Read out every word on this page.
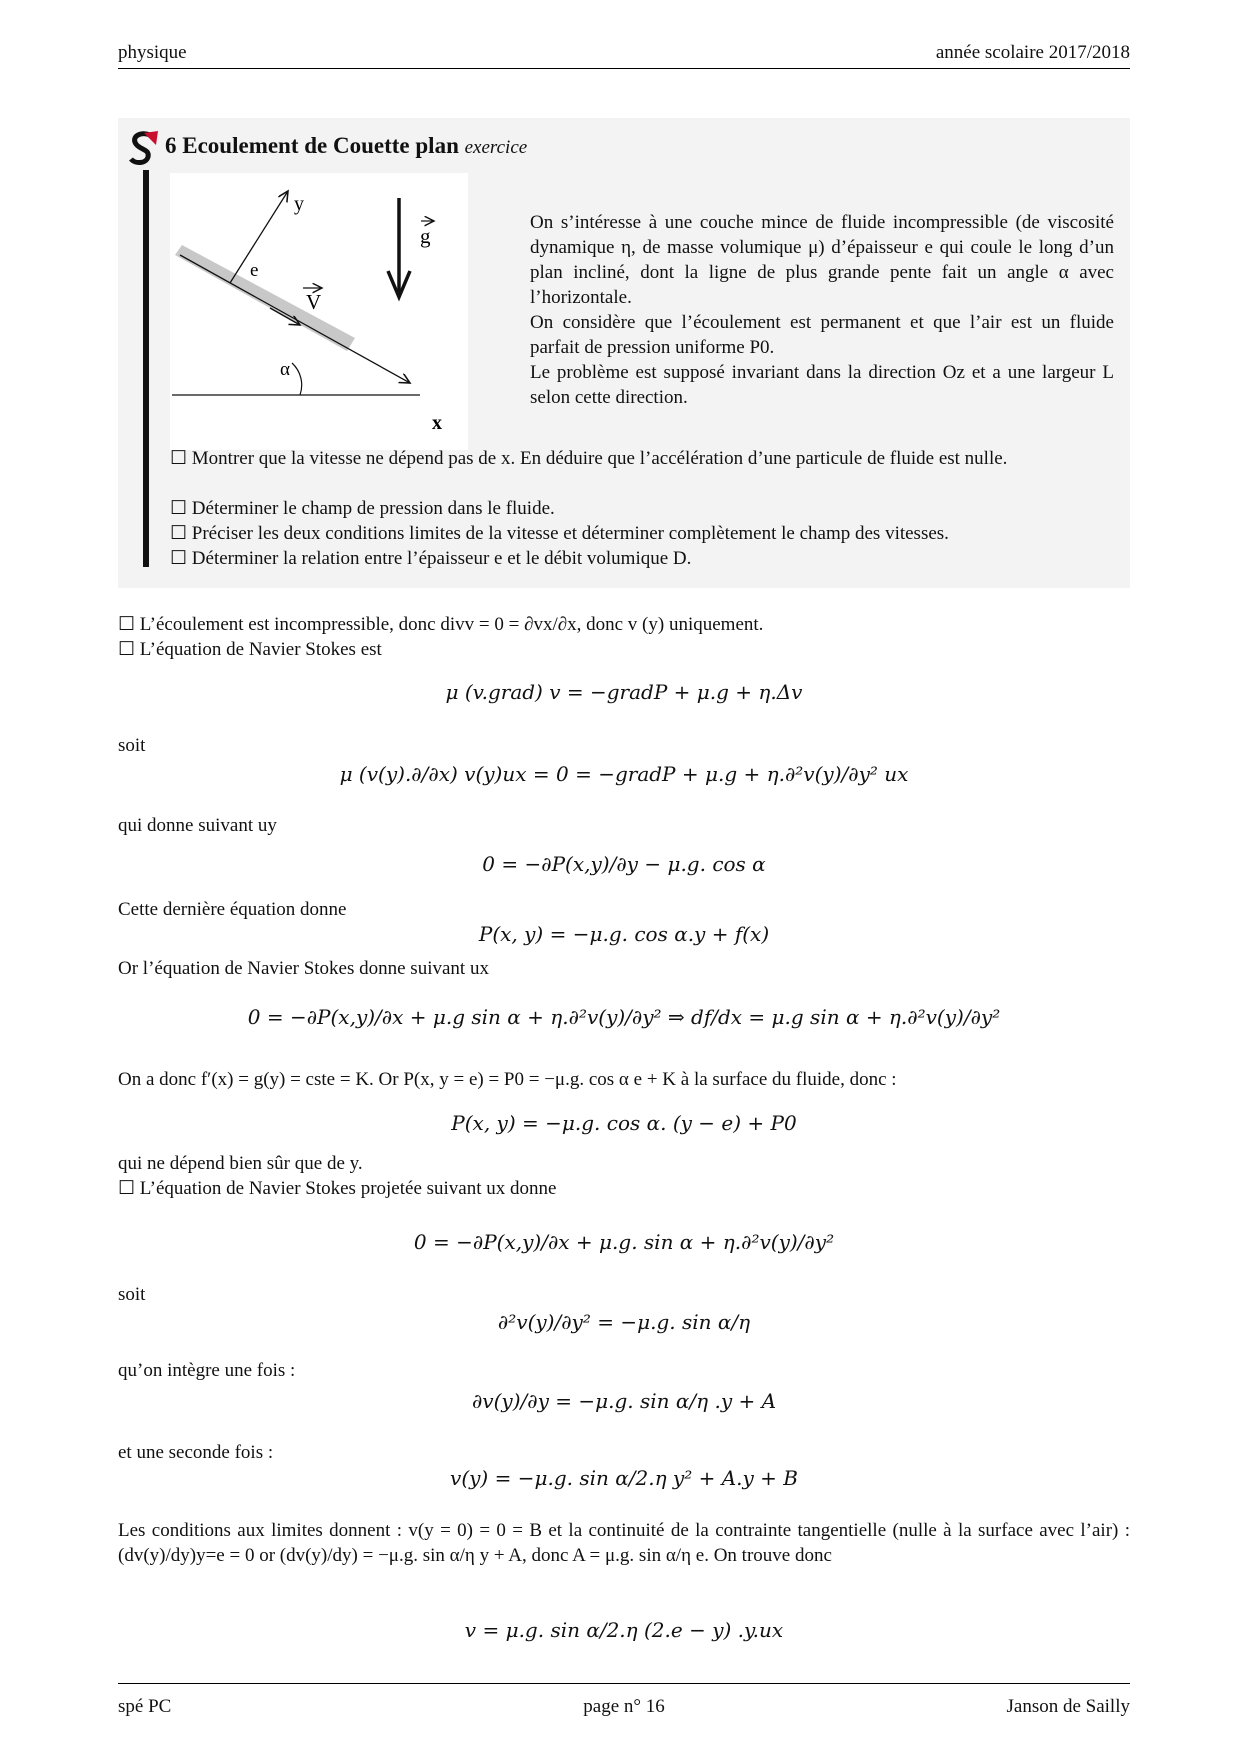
physique	année scolaire 2017/2018
6 Ecoulement de Couette plan exercice
y
x
e
V
α
g
On s’intéresse à une couche mince de fluide incompressible (de viscosité dynamique η, de masse volumique μ) d’épaisseur e qui coule le long d’un plan incliné, dont la ligne de plus grande pente fait un angle α avec l’horizontale.
On considère que l’écoulement est permanent et que l’air est un fluide parfait de pression uniforme P0.
Le problème est supposé invariant dans la direction Oz et a une largeur L selon cette direction.
☐ Montrer que la vitesse ne dépend pas de x. En déduire que l’accélération d’une particule de fluide est nulle.
☐ Déterminer le champ de pression dans le fluide.
☐ Préciser les deux conditions limites de la vitesse et déterminer complètement le champ des vitesses.
☐ Déterminer la relation entre l’épaisseur e et le débit volumique D.
☐ L’écoulement est incompressible, donc divv = 0 = ∂vx/∂x, donc v (y) uniquement.
☐ L’équation de Navier Stokes est
μ (v.grad) v = −gradP + μ.g + η.Δv
soit
μ (v(y).∂/∂x) v(y)ux = 0 = −gradP + μ.g + η.∂²v(y)/∂y² ux
qui donne suivant uy
0 = −∂P(x,y)/∂y − μ.g. cos α
Cette dernière équation donne
P(x, y) = −μ.g. cos α.y + f(x)
Or l’équation de Navier Stokes donne suivant ux
0 = −∂P(x,y)/∂x + μ.g sin α + η.∂²v(y)/∂y² ⇒ df/dx = μ.g sin α + η.∂²v(y)/∂y²
On a donc f′(x) = g(y) = cste = K. Or P(x, y = e) = P0 = −μ.g. cos α e + K à la surface du fluide, donc :
P(x, y) = −μ.g. cos α. (y − e) + P0
qui ne dépend bien sûr que de y.
☐ L’équation de Navier Stokes projetée suivant ux donne
0 = −∂P(x,y)/∂x + μ.g. sin α + η.∂²v(y)/∂y²
soit
∂²v(y)/∂y² = −μ.g. sin α/η
qu’on intègre une fois :
∂v(y)/∂y = −μ.g. sin α/η .y + A
et une seconde fois :
v(y) = −μ.g. sin α/2.η y² + A.y + B
Les conditions aux limites donnent : v(y = 0) = 0 = B et la continuité de la contrainte tangentielle (nulle à la surface avec l’air) : (dv(y)/dy)y=e = 0 or (dv(y)/dy) = −μ.g. sin α/η y + A, donc A = μ.g. sin α/η e. On trouve donc
v = μ.g. sin α/2.η (2.e − y) .y.ux
spé PC	page n° 16	Janson de Sailly
